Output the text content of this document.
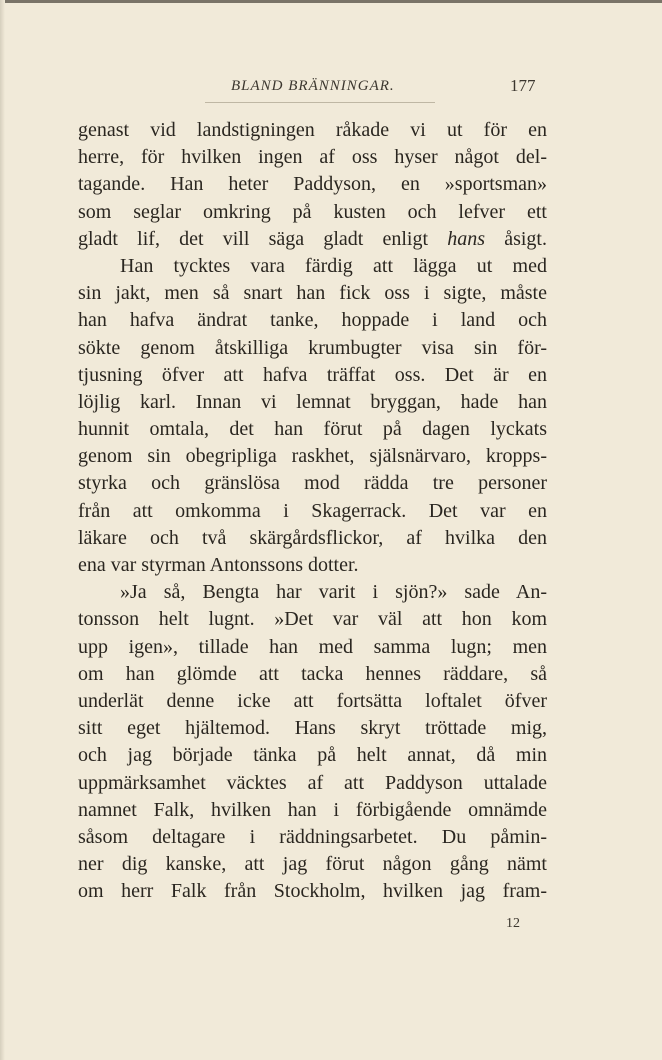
BLAND BRÄNNINGAR.	177
genast vid landstigningen råkade vi ut för en
herre, för hvilken ingen af oss hyser något del-
tagande. Han heter Paddyson, en »sportsman»
som seglar omkring på kusten och lefver ett
gladt lif, det vill säga gladt enligt hans åsigt.
Han tycktes vara färdig att lägga ut med
sin jakt, men så snart han fick oss i sigte, måste
han hafva ändrat tanke, hoppade i land och
sökte genom åtskilliga krumbugter visa sin för-
tjusning öfver att hafva träffat oss. Det är en
löjlig karl. Innan vi lemnat bryggan, hade han
hunnit omtala, det han förut på dagen lyckats
genom sin obegripliga raskhet, själsnärvaro, kropps-
styrka och gränslösa mod rädda tre personer
från att omkomma i Skagerrack. Det var en
läkare och två skärgårdsflickor, af hvilka den
ena var styrman Antonssons dotter.
»Ja så, Bengta har varit i sjön?» sade An-
tonsson helt lugnt. »Det var väl att hon kom
upp igen», tillade han med samma lugn; men
om han glömde att tacka hennes räddare, så
underlät denne icke att fortsätta loftalet öfver
sitt eget hjältemod. Hans skryt tröttade mig,
och jag började tänka på helt annat, då min
uppmärksamhet väcktes af att Paddyson uttalade
namnet Falk, hvilken han i förbigående omnämde
såsom deltagare i räddningsarbetet. Du påmin-
ner dig kanske, att jag förut någon gång nämt
om herr Falk från Stockholm, hvilken jag fram-
12
